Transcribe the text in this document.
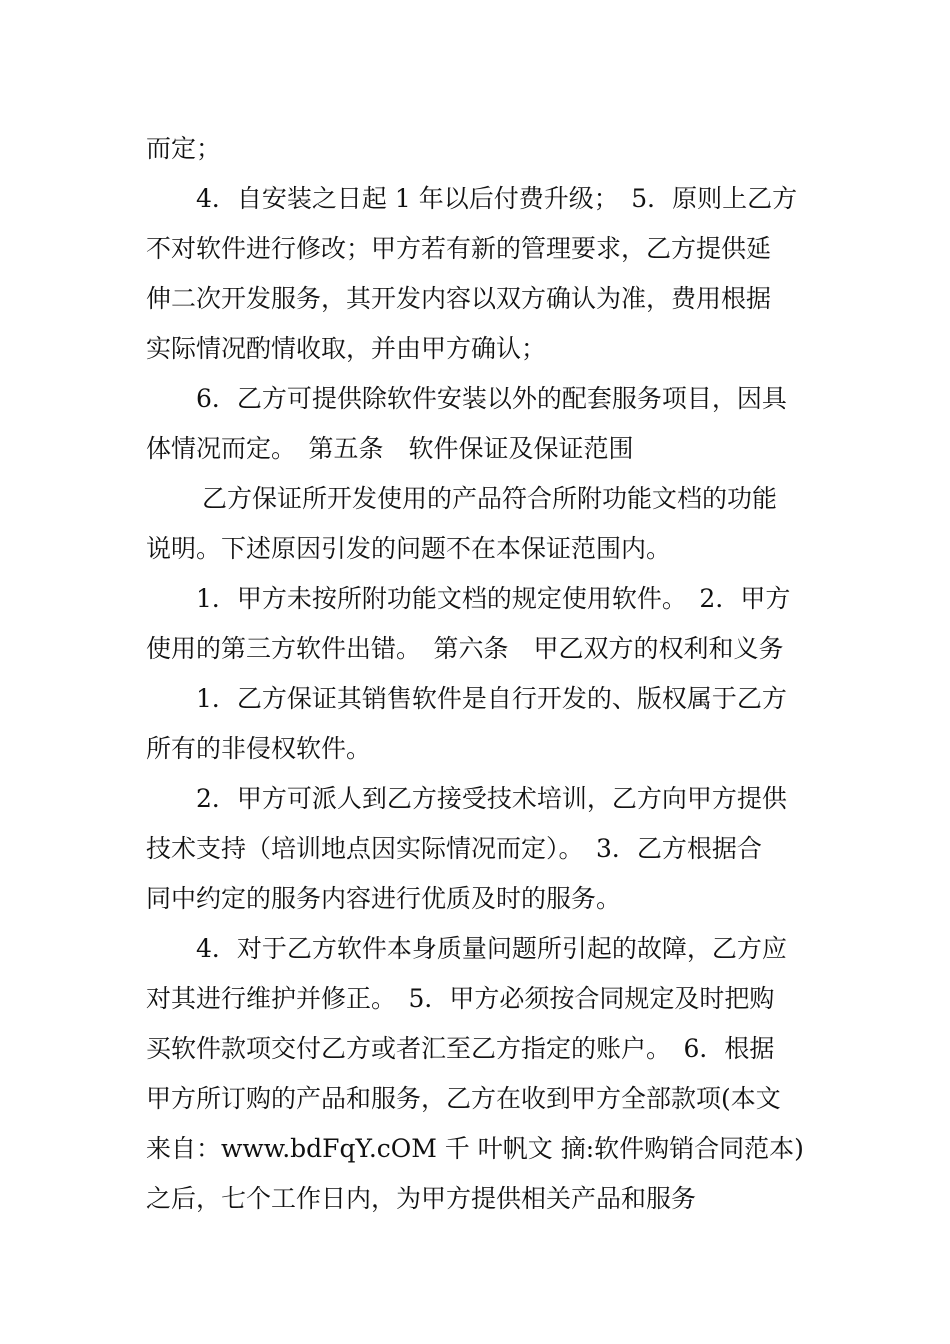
而定；
4．自安装之日起 1 年以后付费升级；　5．原则上乙方
不对软件进行修改；甲方若有新的管理要求，乙方提供延
伸二次开发服务，其开发内容以双方确认为准，费用根据
实际情况酌情收取，并由甲方确认；
6．乙方可提供除软件安装以外的配套服务项目，因具
体情况而定。　第五条　软件保证及保证范围
乙方保证所开发使用的产品符合所附功能文档的功能
说明。下述原因引发的问题不在本保证范围内。
1．甲方未按所附功能文档的规定使用软件。　2．甲方
使用的第三方软件出错。　第六条　甲乙双方的权利和义务
1．乙方保证其销售软件是自行开发的、版权属于乙方
所有的非侵权软件。
2．甲方可派人到乙方接受技术培训，乙方向甲方提供
技术支持（培训地点因实际情况而定）。　3．乙方根据合
同中约定的服务内容进行优质及时的服务。
4．对于乙方软件本身质量问题所引起的故障，乙方应
对其进行维护并修正。　5．甲方必须按合同规定及时把购
买软件款项交付乙方或者汇至乙方指定的账户。　6．根据
甲方所订购的产品和服务，乙方在收到甲方全部款项(本文
来自：www.bdFqY.cOM 千 叶帆文 摘:软件购销合同范本)
之后，七个工作日内，为甲方提供相关产品和服务
